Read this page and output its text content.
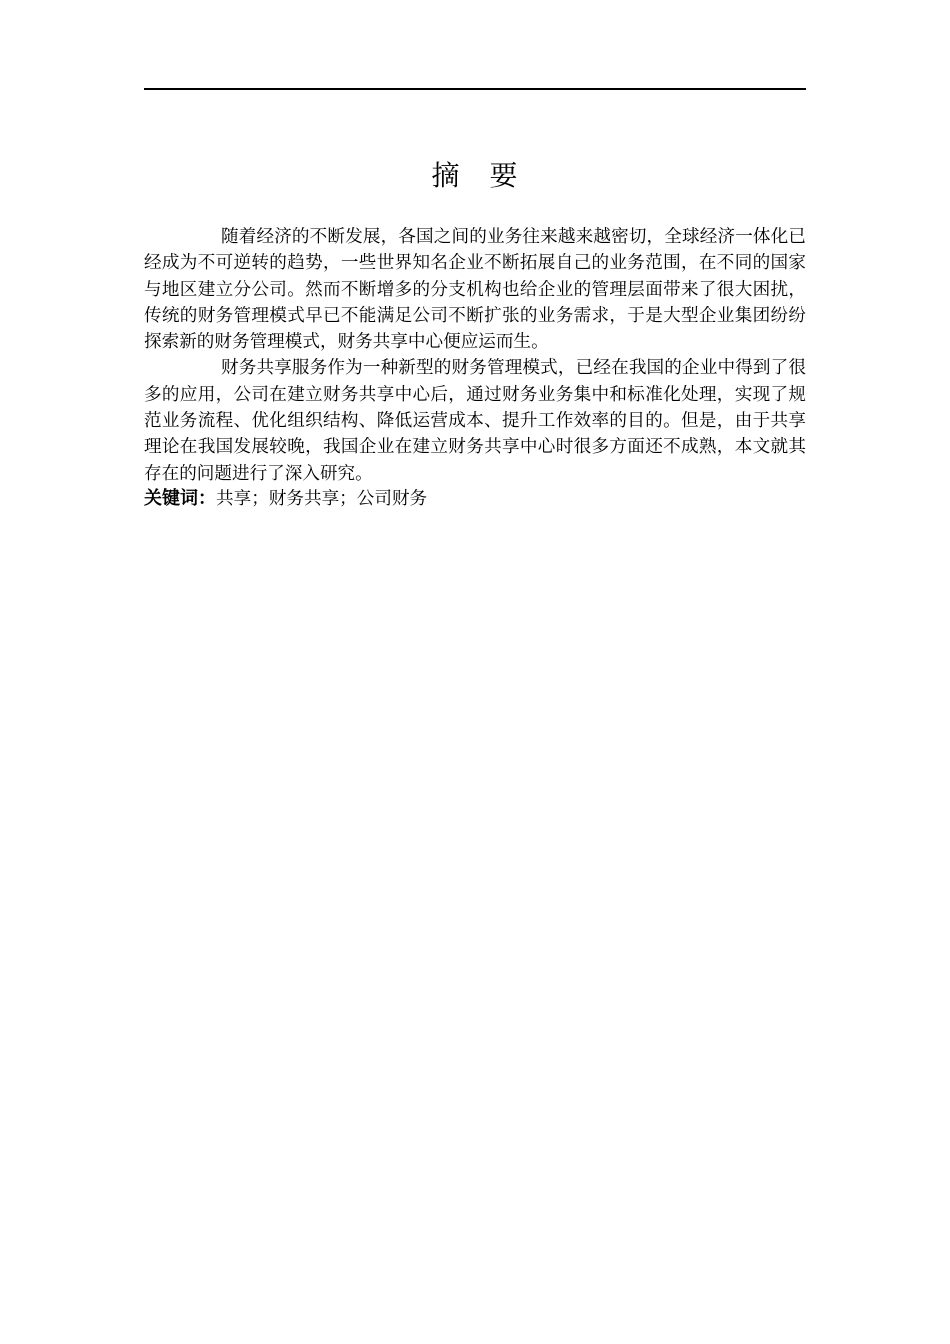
摘　要

随着经济的不断发展，各国之间的业务往来越来越密切，全球经济一体化已经成为不可逆转的趋势，一些世界知名企业不断拓展自己的业务范围，在不同的国家与地区建立分公司。然而不断增多的分支机构也给企业的管理层面带来了很大困扰，传统的财务管理模式早已不能满足公司不断扩张的业务需求，于是大型企业集团纷纷探索新的财务管理模式，财务共享中心便应运而生。

财务共享服务作为一种新型的财务管理模式，已经在我国的企业中得到了很多的应用，公司在建立财务共享中心后，通过财务业务集中和标准化处理，实现了规范业务流程、优化组织结构、降低运营成本、提升工作效率的目的。但是，由于共享理论在我国发展较晚，我国企业在建立财务共享中心时很多方面还不成熟，本文就其存在的问题进行了深入研究。

关键词：共享；财务共享；公司财务
